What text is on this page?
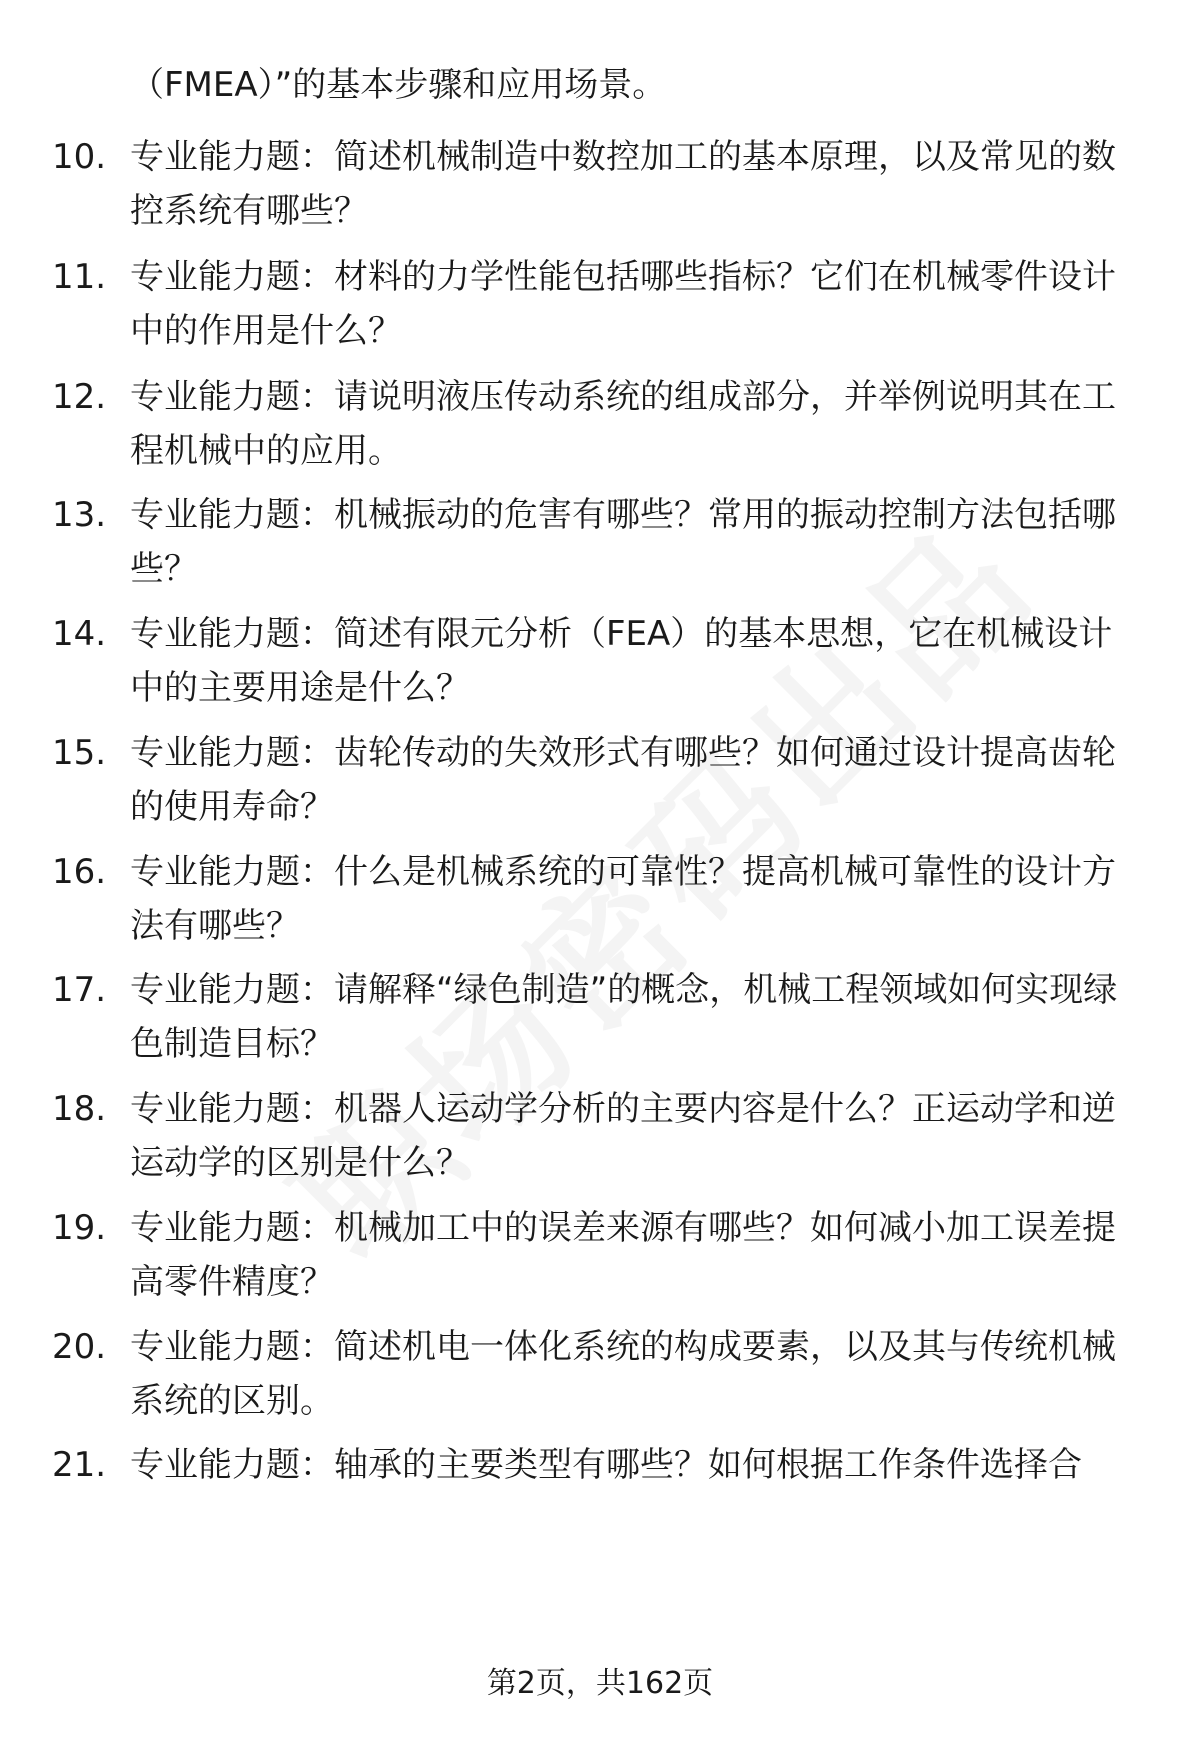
（FMEA）”的基本步骤和应用场景。
10. 专业能力题：简述机械制造中数控加工的基本原理，以及常见的数控系统有哪些？
11. 专业能力题：材料的力学性能包括哪些指标？它们在机械零件设计中的作用是什么？
12. 专业能力题：请说明液压传动系统的组成部分，并举例说明其在工程机械中的应用。
13. 专业能力题：机械振动的危害有哪些？常用的振动控制方法包括哪些？
14. 专业能力题：简述有限元分析（FEA）的基本思想，它在机械设计中的主要用途是什么？
15. 专业能力题：齿轮传动的失效形式有哪些？如何通过设计提高齿轮的使用寿命？
16. 专业能力题：什么是机械系统的可靠性？提高机械可靠性的设计方法有哪些？
17. 专业能力题：请解释“绿色制造”的概念，机械工程领域如何实现绿色制造目标？
18. 专业能力题：机器人运动学分析的主要内容是什么？正运动学和逆运动学的区别是什么？
19. 专业能力题：机械加工中的误差来源有哪些？如何减小加工误差提高零件精度？
20. 专业能力题：简述机电一体化系统的构成要素，以及其与传统机械系统的区别。
21. 专业能力题：轴承的主要类型有哪些？如何根据工作条件选择合
第2页，共162页
